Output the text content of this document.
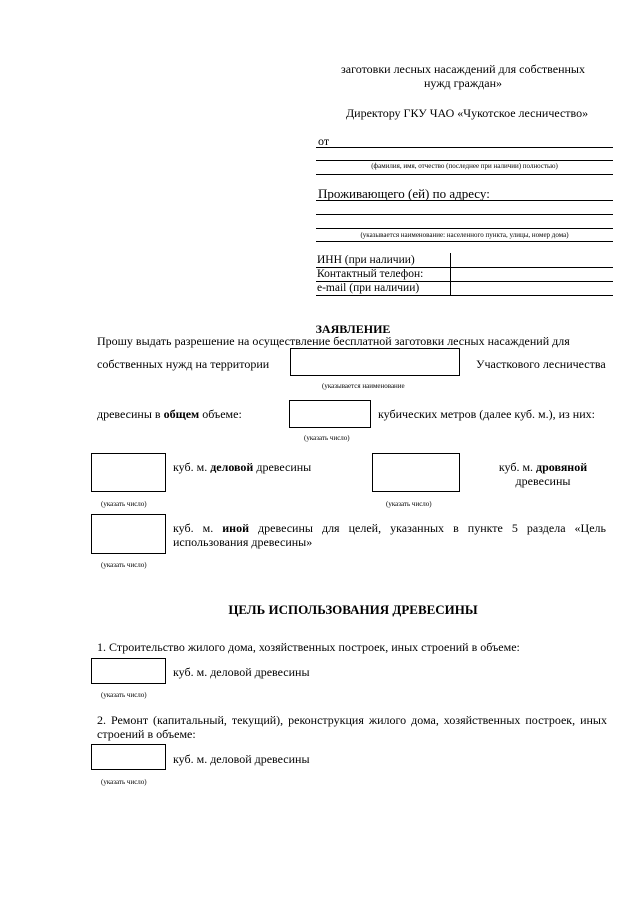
заготовки лесных насаждений для собственных
нужд граждан»
Директору ГКУ ЧАО «Чукотское лесничество»
от
(фамилия, имя, отчество (последнее при наличии) полностью)
Проживающего (ей) по адресу:
(указывается наименование: населенного пункта, улицы, номер дома)
ИНН (при наличии)
Контактный телефон:
e-mail (при наличии)
ЗАЯВЛЕНИЕ
Прошу выдать разрешение на осуществление бесплатной заготовки лесных насаждений для
собственных нужд на территории	Участкового лесничества
(указывается наименование
древесины в общем объеме:	кубических метров (далее куб. м.), из них:
(указать число)
куб. м. деловой древесины
(указать число)
куб. м. дровяной
древесины
(указать число)
куб. м. иной древесины для целей, указанных в пункте 5 раздела «Цель
использования древесины»
(указать число)
ЦЕЛЬ ИСПОЛЬЗОВАНИЯ ДРЕВЕСИНЫ
1. Строительство жилого дома, хозяйственных построек, иных строений в объеме:
куб. м. деловой древесины
(указать число)
2. Ремонт (капитальный, текущий), реконструкция жилого дома, хозяйственных построек, иных
строений в объеме:
куб. м. деловой древесины
(указать число)
